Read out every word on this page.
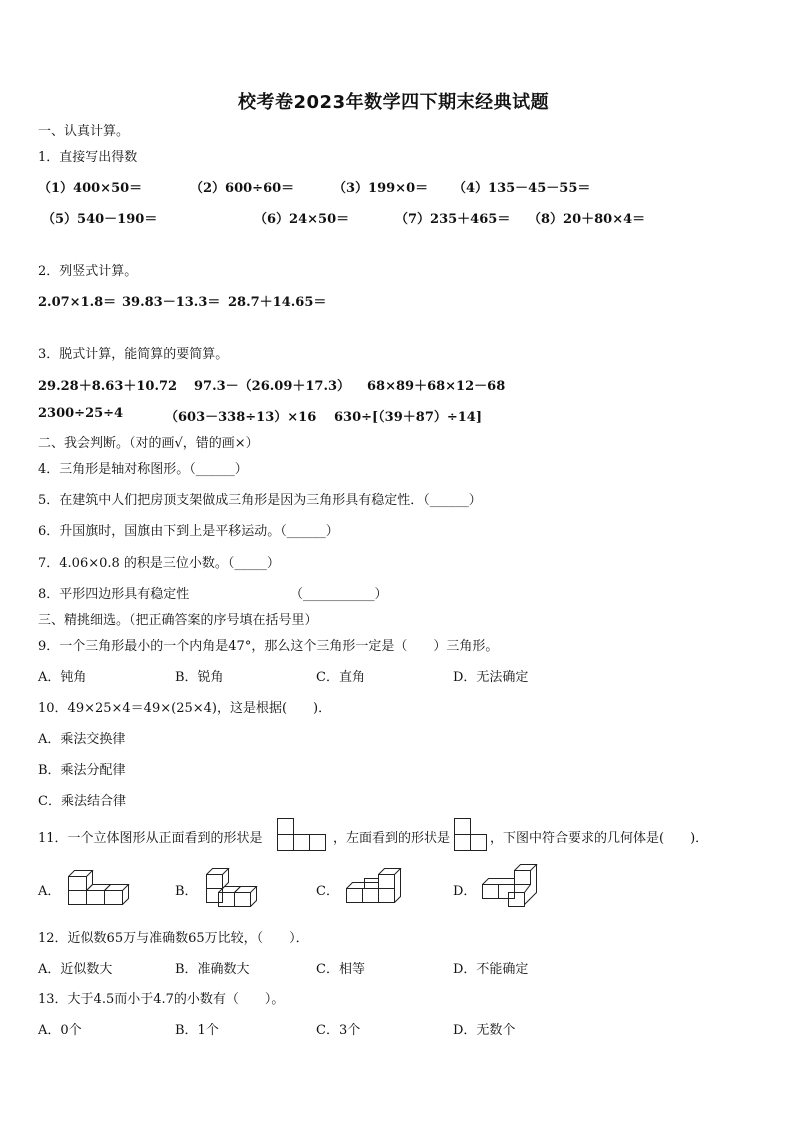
校考卷2023年数学四下期末经典试题
一、认真计算。
1．直接写出得数
（1）400×50＝	（2）600÷60＝	（3）199×0＝ （4）135－45－55＝
（5）540－190＝	（6）24×50＝	（7）235＋465＝ （8）20＋80×4＝
2．列竖式计算。
2.07×1.8＝ 39.83－13.3＝ 28.7＋14.65＝
3．脱式计算，能简算的要简算。
29.28＋8.63＋10.72 97.3－（26.09＋17.3） 68×89＋68×12－68
2300÷25÷4	（603－338÷13）×16 630÷[（39＋87）÷14]
二、我会判断。（对的画√，错的画×）
4．三角形是轴对称图形。（______）
5．在建筑中人们把房顶支架做成三角形是因为三角形具有稳定性．（______）
6．升国旗时，国旗由下到上是平移运动。（______）
7．4.06×0.8 的积是三位小数。（_____）
8．平形四边形具有稳定性	（___________）
三、精挑细选。（把正确答案的序号填在括号里）
9．一个三角形最小的一个内角是47°，那么这个三角形一定是（　　）三角形。
A．钝角	B．锐角	C．直角	D．无法确定
10．49×25×4＝49×(25×4)，这是根据(　　)．
A．乘法交换律
B．乘法分配律
C．乘法结合律
11．一个立体图形从正面看到的形状是	，左面看到的形状是	，下图中符合要求的几何体是(　　)．
A．	B．	C．	D．
12．近似数65万与准确数65万比较，（　　）．
A．近似数大	B．准确数大	C．相等	D．不能确定
13．大于4.5而小于4.7的小数有（　　）。
A．0个	B．1个	C．3个	D．无数个
